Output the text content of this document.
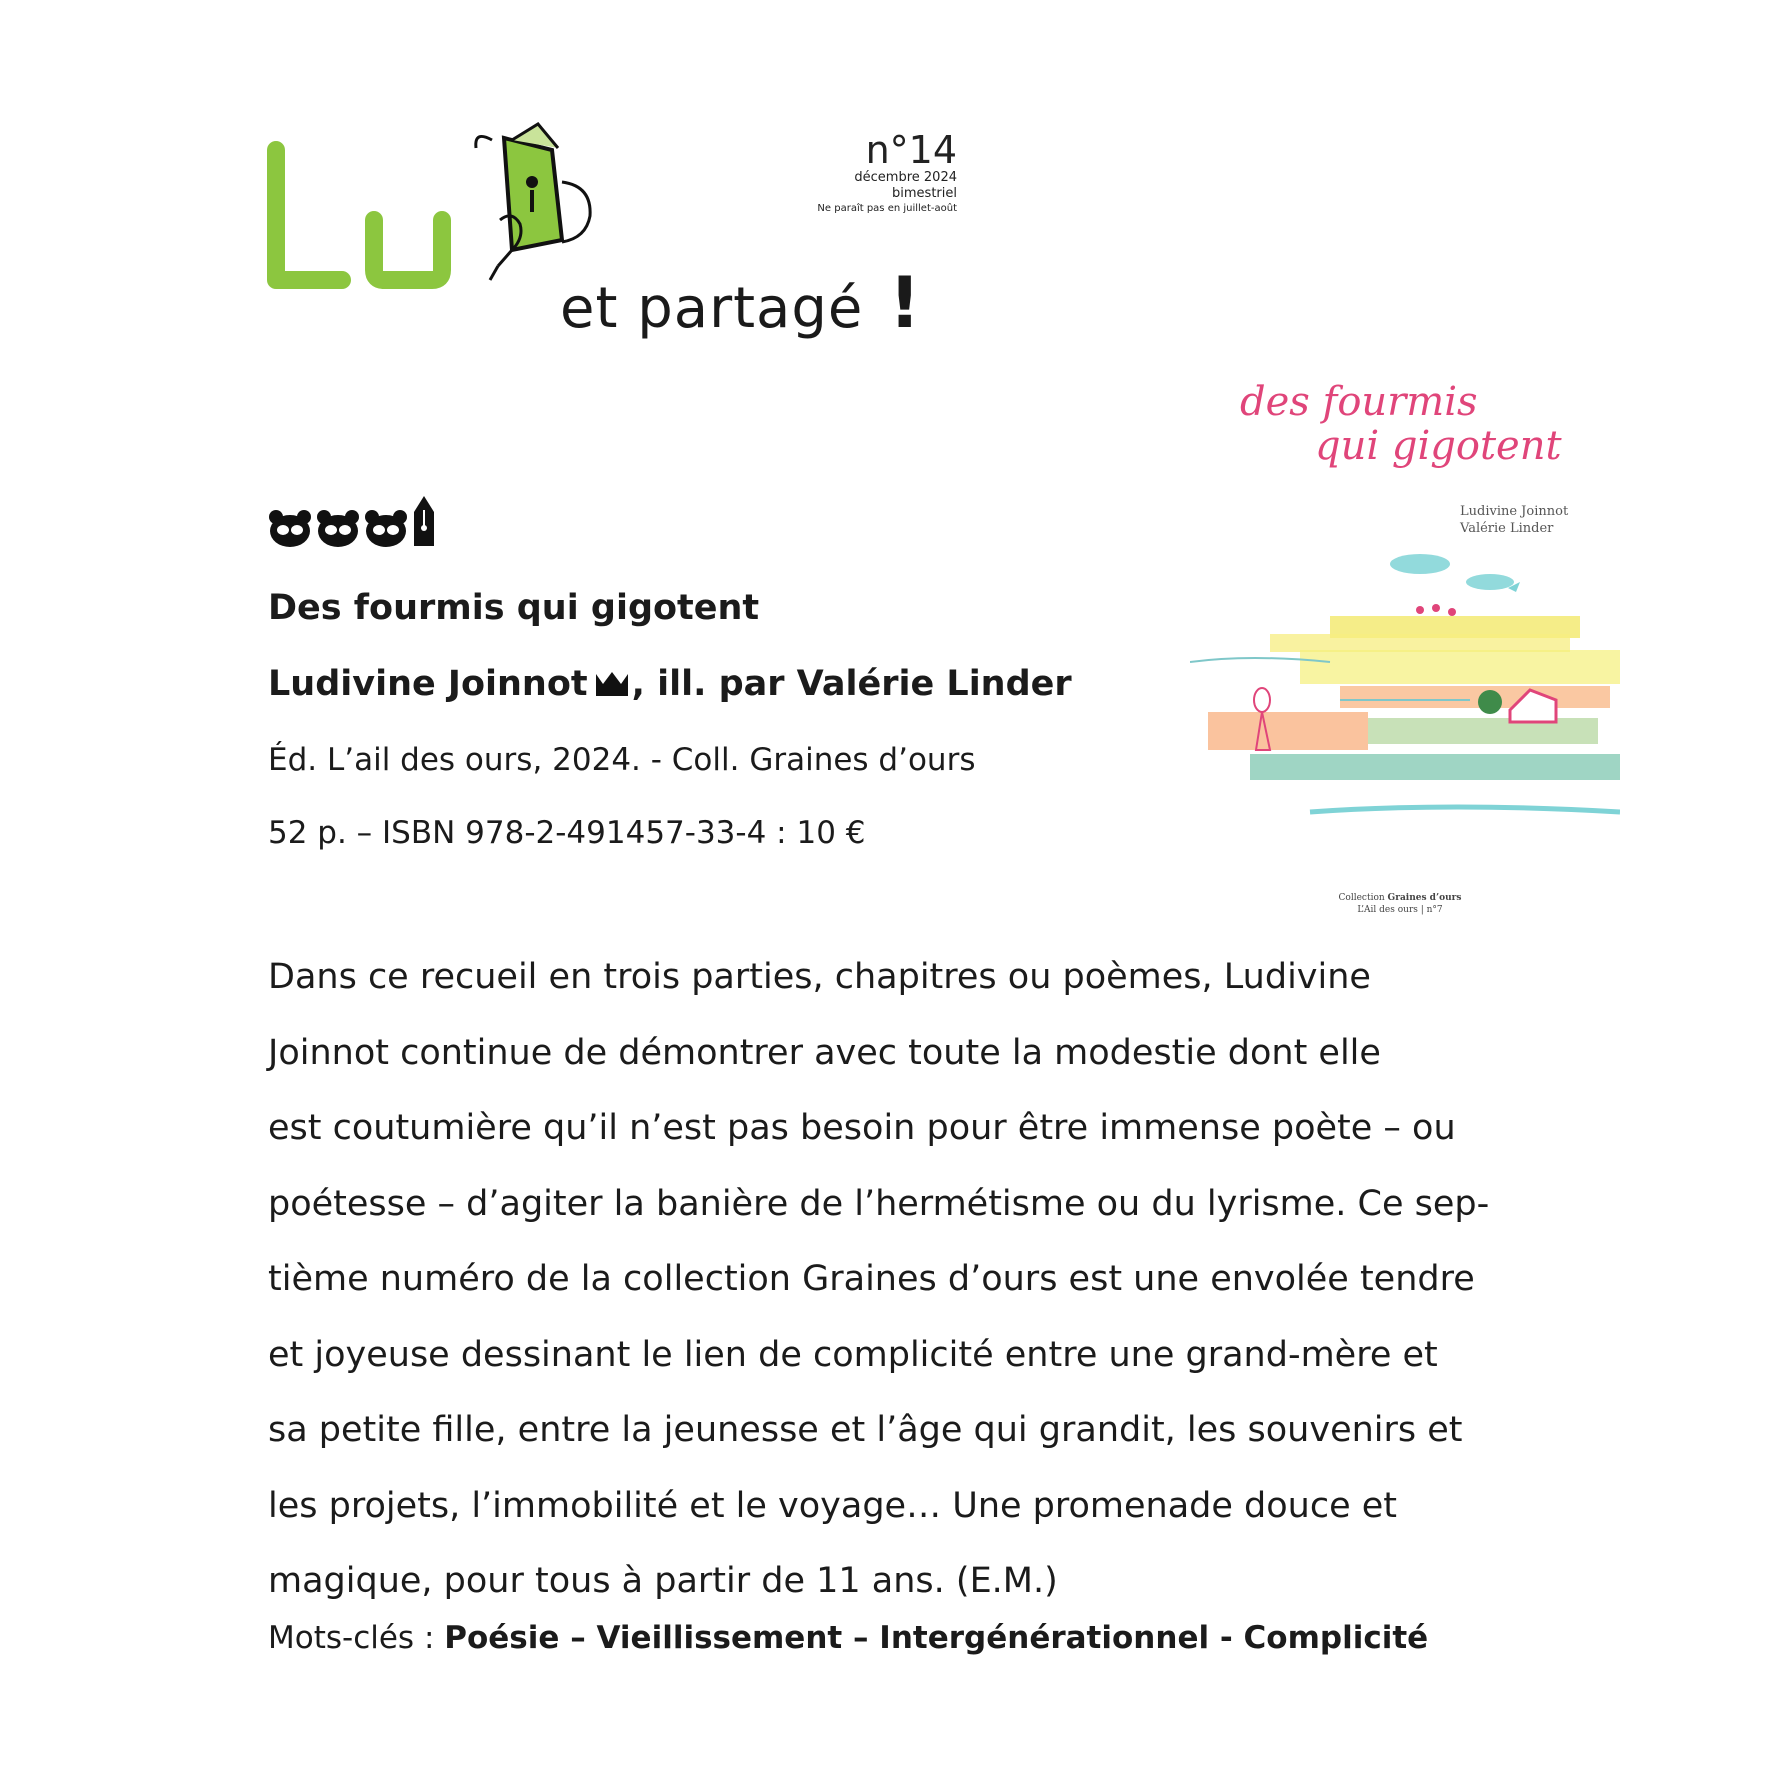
et partagé !
n°14
décembre 2024
bimestriel
Ne paraît pas en juillet-août
Des fourmis qui gigotent
Ludivine Joinnot , ill. par Valérie Linder
Éd. L’ail des ours, 2024. - Coll. Graines d’ours
52 p. – ISBN 978-2-491457-33-4 : 10 €
des fourmis
qui gigotent
Ludivine Joinnot
Valérie Linder
Collection Graines d’ours
L’Ail des ours | n°7

Dans ce recueil en trois parties, chapitres ou poèmes, Ludivine
Joinnot continue de démontrer avec toute la modestie dont elle
est coutumière qu’il n’est pas besoin pour être immense poète – ou
poétesse – d’agiter la banière de l’hermétisme ou du lyrisme. Ce sep-
tième numéro de la collection Graines d’ours est une envolée tendre
et joyeuse dessinant le lien de complicité entre une grand-mère et
sa petite fille, entre la jeunesse et l’âge qui grandit, les souvenirs et
les projets, l’immobilité et le voyage… Une promenade douce et
magique, pour tous à partir de 11 ans. (E.M.)

Mots-clés : Poésie – Vieillissement – Intergénérationnel - Complicité
